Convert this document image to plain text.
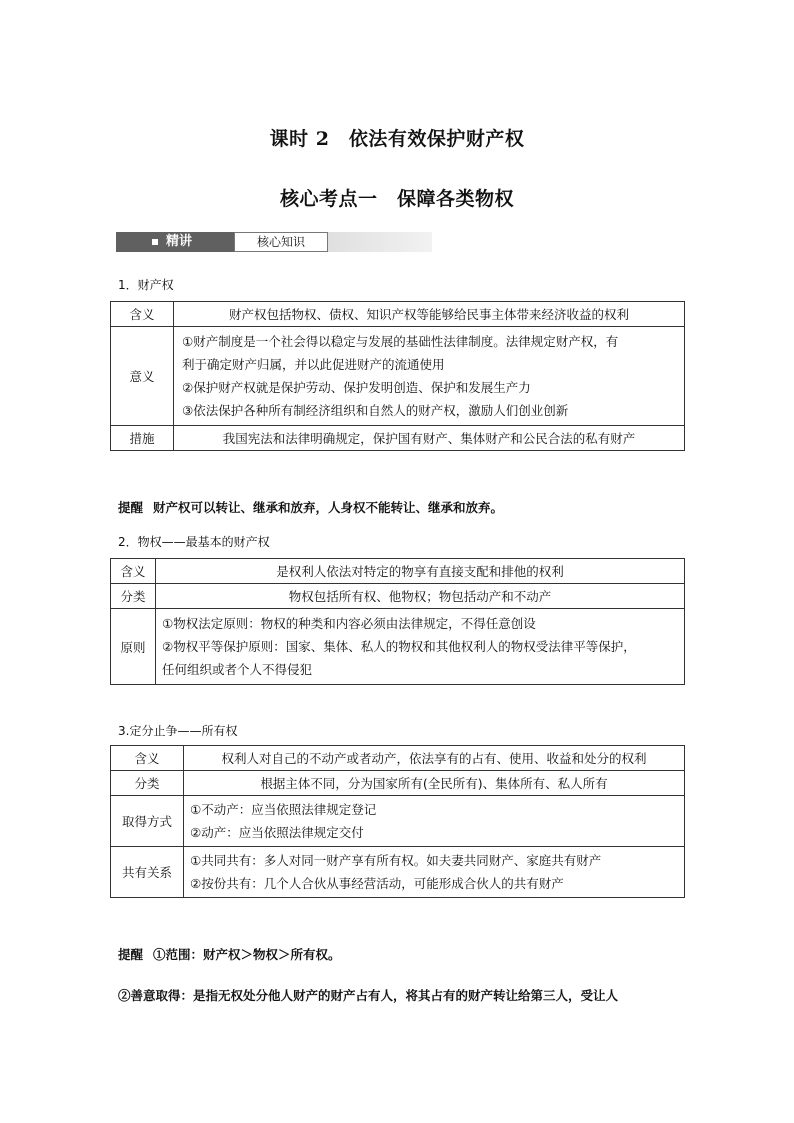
课时 2　依法有效保护财产权
核心考点一　保障各类物权
精讲	核心知识
1．财产权
含义	财产权包括物权、债权、知识产权等能够给民事主体带来经济收益的权利
意义	①财产制度是一个社会得以稳定与发展的基础性法律制度。法律规定财产权，有
利于确定财产归属，并以此促进财产的流通使用
②保护财产权就是保护劳动、保护发明创造、保护和发展生产力
③依法保护各种所有制经济组织和自然人的财产权，激励人们创业创新

措施	我国宪法和法律明确规定，保护国有财产、集体财产和公民合法的私有财产
提醒 财产权可以转让、继承和放弃，人身权不能转让、继承和放弃。
2．物权——最基本的财产权
含义	是权利人依法对特定的物享有直接支配和排他的权利
分类	物权包括所有权、他物权；物包括动产和不动产
原则	①物权法定原则：物权的种类和内容必须由法律规定，不得任意创设
②物权平等保护原则：国家、集体、私人的物权和其他权利人的物权受法律平等保护，
任何组织或者个人不得侵犯
3.定分止争——所有权
含义	权利人对自己的不动产或者动产，依法享有的占有、使用、收益和处分的权利
分类	根据主体不同，分为国家所有(全民所有)、集体所有、私人所有
取得方式	①不动产：应当依照法律规定登记
②动产：应当依照法律规定交付

共有关系	①共同共有：多人对同一财产享有所有权。如夫妻共同财产、家庭共有财产
②按份共有：几个人合伙从事经营活动，可能形成合伙人的共有财产
提醒 ①范围：财产权＞物权＞所有权。
②善意取得：是指无权处分他人财产的财产占有人，将其占有的财产转让给第三人，受让人
